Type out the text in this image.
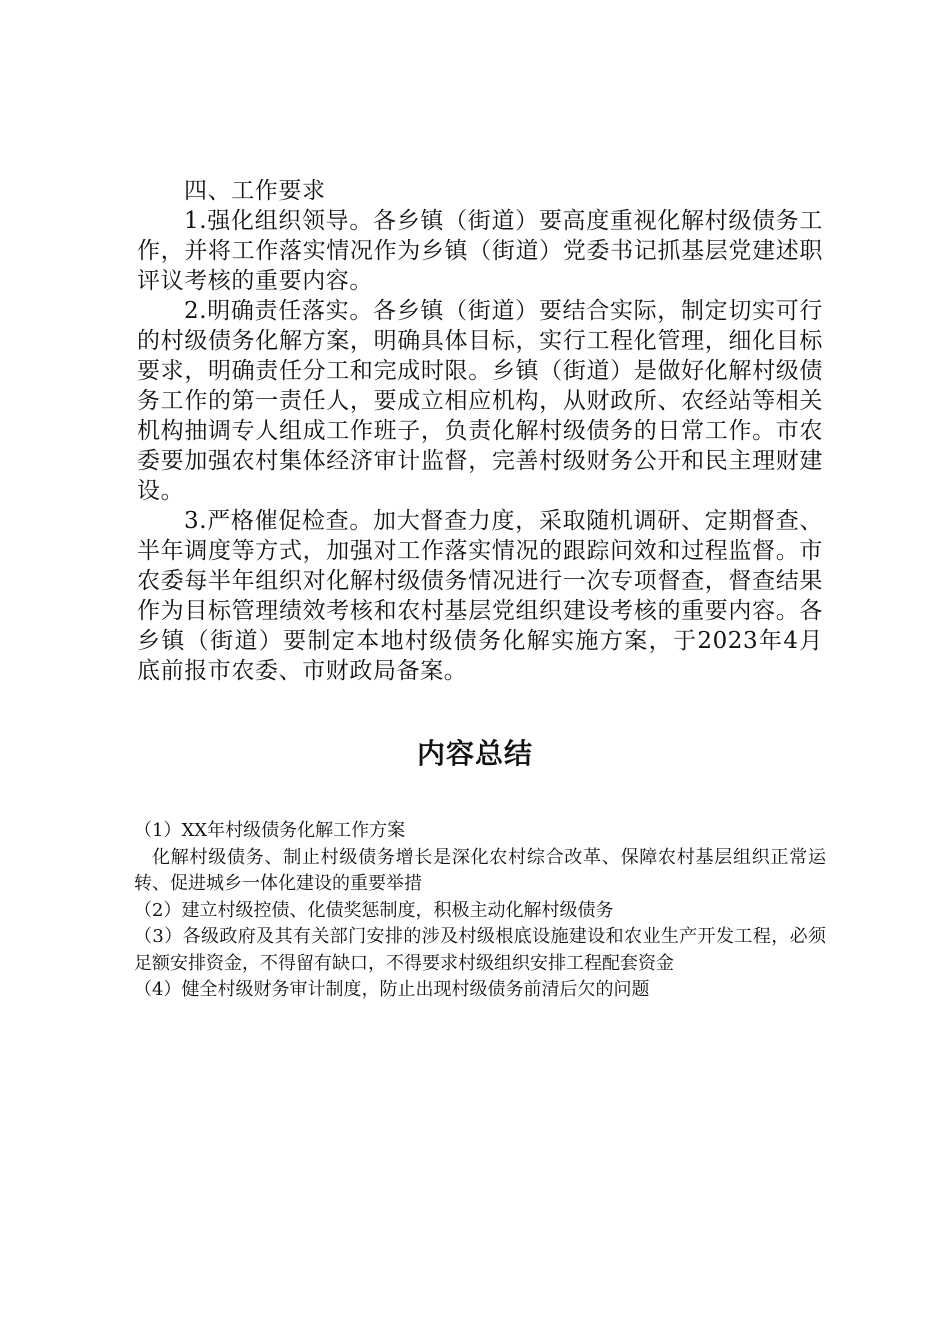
四、工作要求

1.强化组织领导。各乡镇（街道）要高度重视化解村级债务工作，并将工作落实情况作为乡镇（街道）党委书记抓基层党建述职评议考核的重要内容。

2.明确责任落实。各乡镇（街道）要结合实际，制定切实可行的村级债务化解方案，明确具体目标，实行工程化管理，细化目标要求，明确责任分工和完成时限。乡镇（街道）是做好化解村级债务工作的第一责任人，要成立相应机构，从财政所、农经站等相关机构抽调专人组成工作班子，负责化解村级债务的日常工作。市农委要加强农村集体经济审计监督，完善村级财务公开和民主理财建设。

3.严格催促检查。加大督查力度，采取随机调研、定期督查、半年调度等方式，加强对工作落实情况的跟踪问效和过程监督。市农委每半年组织对化解村级债务情况进行一次专项督查，督查结果作为目标管理绩效考核和农村基层党组织建设考核的重要内容。各乡镇（街道）要制定本地村级债务化解实施方案，于2023年4月底前报市农委、市财政局备案。

内容总结

（1）XX年村级债务化解工作方案

化解村级债务、制止村级债务增长是深化农村综合改革、保障农村基层组织正常运转、促进城乡一体化建设的重要举措

（2）建立村级控债、化债奖惩制度，积极主动化解村级债务

（3）各级政府及其有关部门安排的涉及村级根底设施建设和农业生产开发工程，必须足额安排资金，不得留有缺口，不得要求村级组织安排工程配套资金

（4）健全村级财务审计制度，防止出现村级债务前清后欠的问题
